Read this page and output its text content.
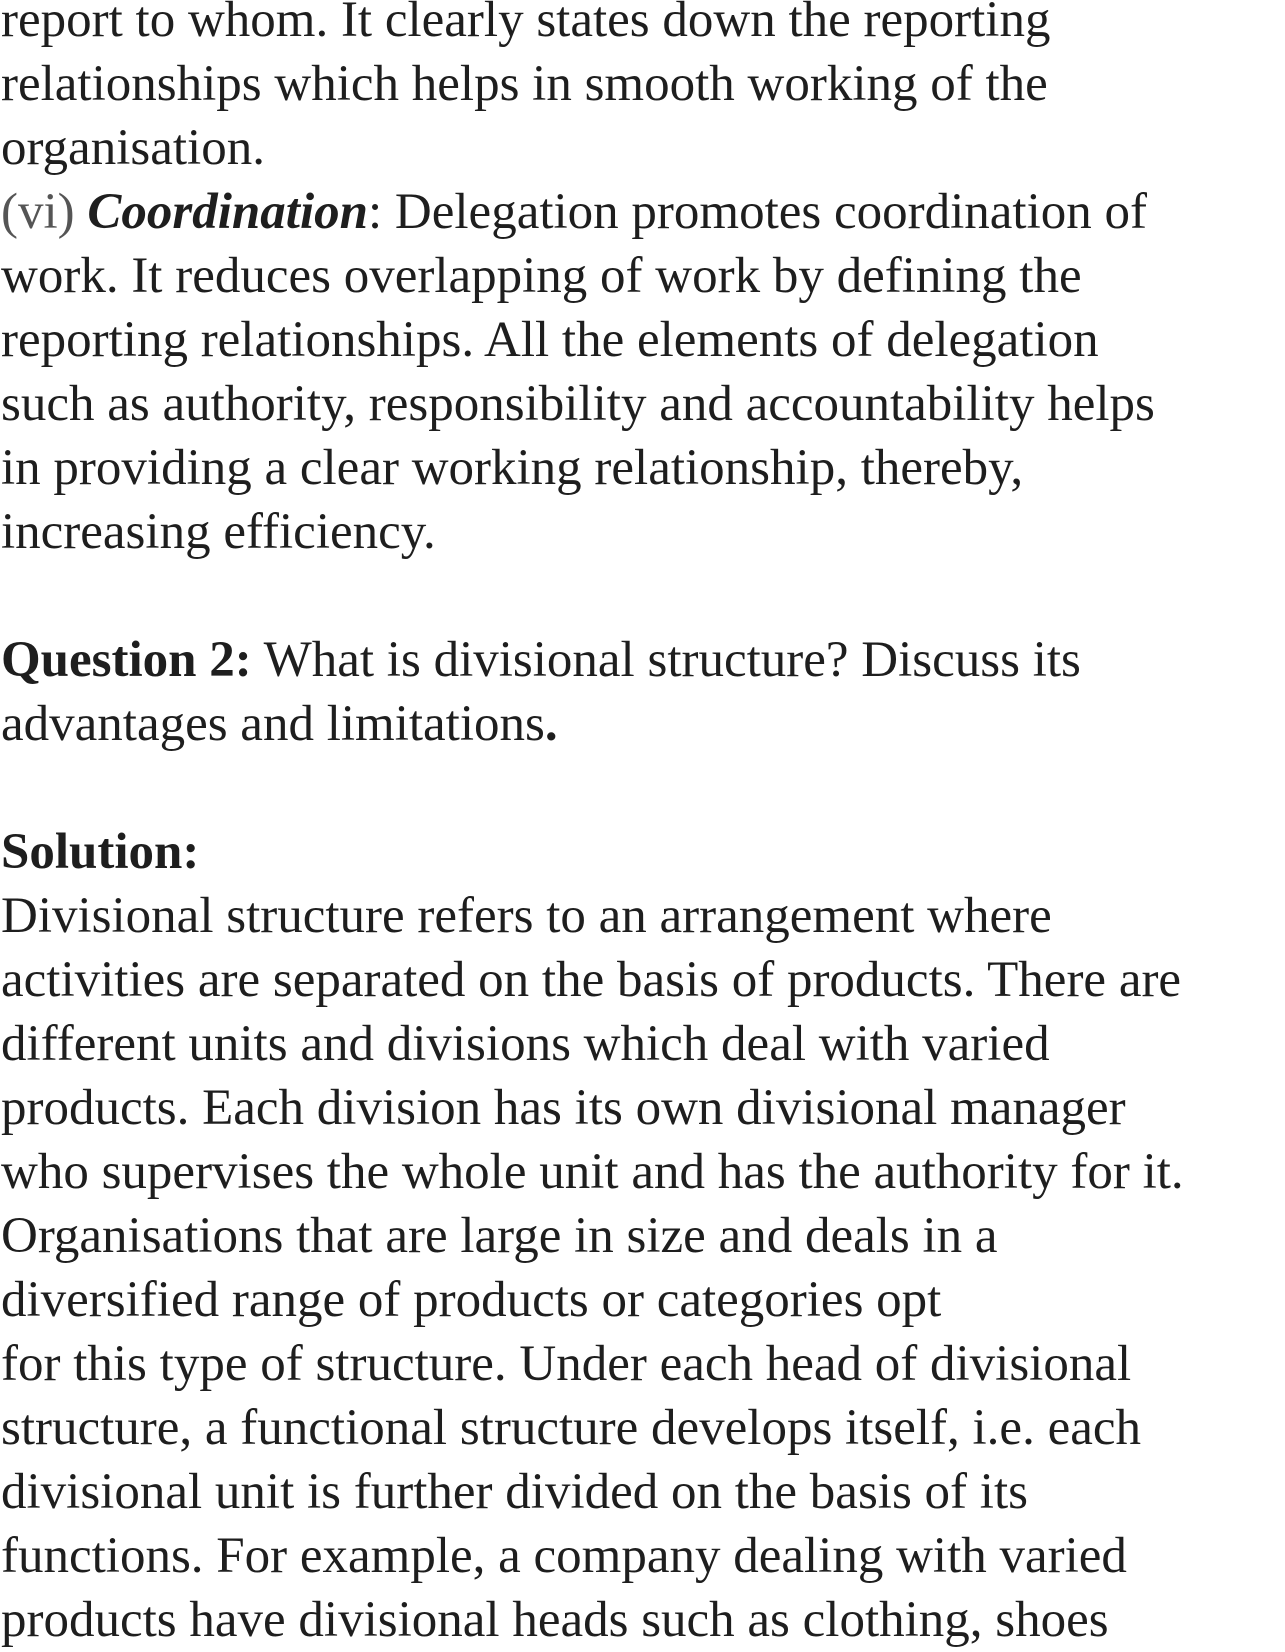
report to whom. It clearly states down the reporting
relationships which helps in smooth working of the
organisation.
(vi) Coordination: Delegation promotes coordination of
work. It reduces overlapping of work by defining the
reporting relationships. All the elements of delegation
such as authority, responsibility and accountability helps
in providing a clear working relationship, thereby,
increasing efficiency.
Question 2: What is divisional structure? Discuss its
advantages and limitations.
Solution:
Divisional structure refers to an arrangement where
activities are separated on the basis of products. There are
different units and divisions which deal with varied
products. Each division has its own divisional manager
who supervises the whole unit and has the authority for it.
Organisations that are large in size and deals in a
diversified range of products or categories opt
for this type of structure. Under each head of divisional
structure, a functional structure develops itself, i.e. each
divisional unit is further divided on the basis of its
functions. For example, a company dealing with varied
products have divisional heads such as clothing, shoes
